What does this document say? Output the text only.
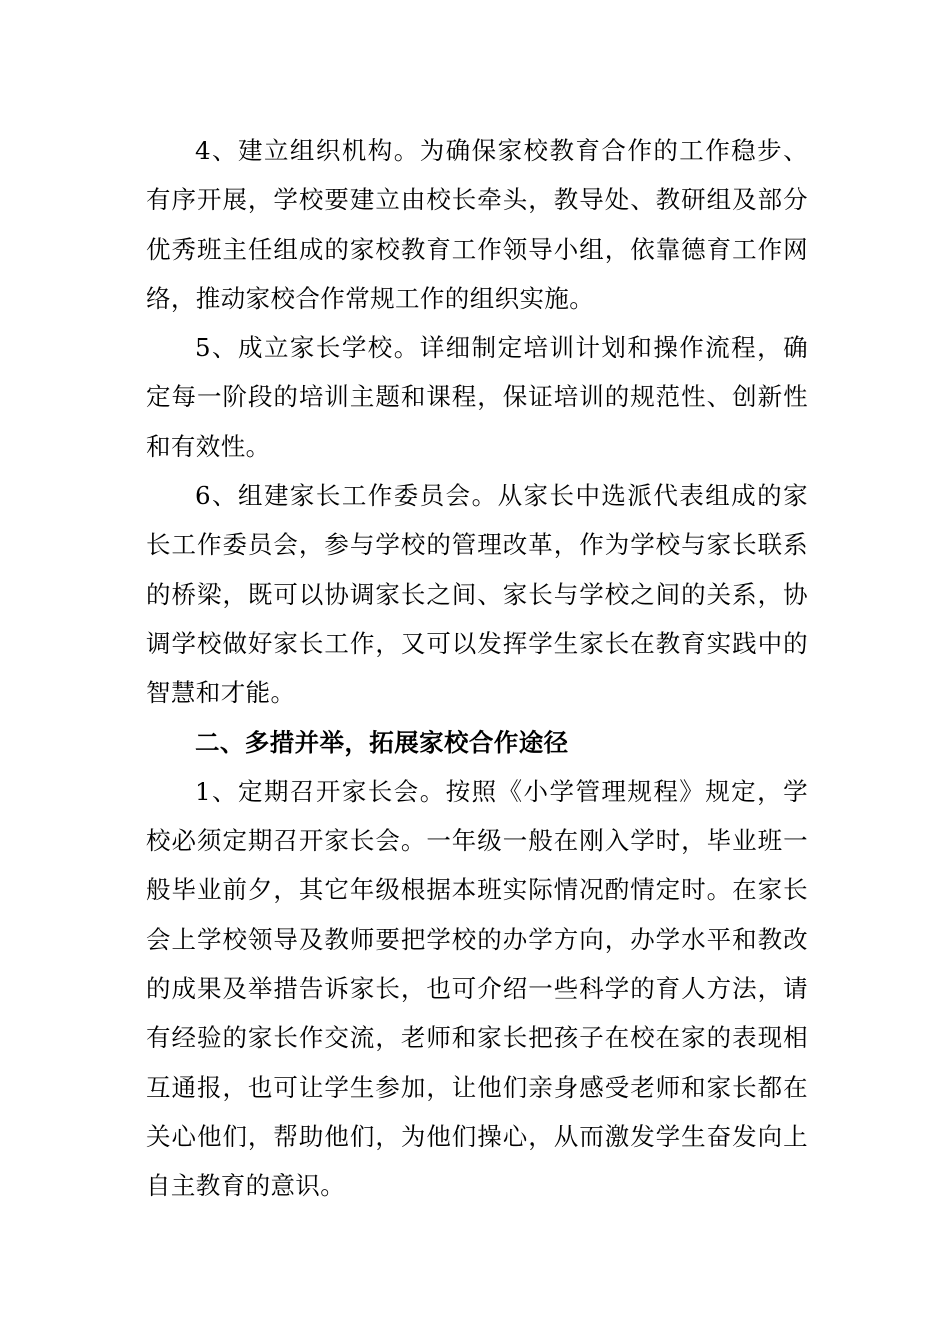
4、建立组织机构。为确保家校教育合作的工作稳步、有序开展，学校要建立由校长牵头，教导处、教研组及部分优秀班主任组成的家校教育工作领导小组，依靠德育工作网络，推动家校合作常规工作的组织实施。

5、成立家长学校。详细制定培训计划和操作流程，确定每一阶段的培训主题和课程，保证培训的规范性、创新性和有效性。

6、组建家长工作委员会。从家长中选派代表组成的家长工作委员会，参与学校的管理改革，作为学校与家长联系的桥梁，既可以协调家长之间、家长与学校之间的关系，协调学校做好家长工作，又可以发挥学生家长在教育实践中的智慧和才能。

二、多措并举，拓展家校合作途径

1、定期召开家长会。按照《小学管理规程》规定，学校必须定期召开家长会。一年级一般在刚入学时，毕业班一般毕业前夕，其它年级根据本班实际情况酌情定时。在家长会上学校领导及教师要把学校的办学方向，办学水平和教改的成果及举措告诉家长，也可介绍一些科学的育人方法，请有经验的家长作交流，老师和家长把孩子在校在家的表现相互通报，也可让学生参加，让他们亲身感受老师和家长都在关心他们，帮助他们，为他们操心，从而激发学生奋发向上自主教育的意识。
